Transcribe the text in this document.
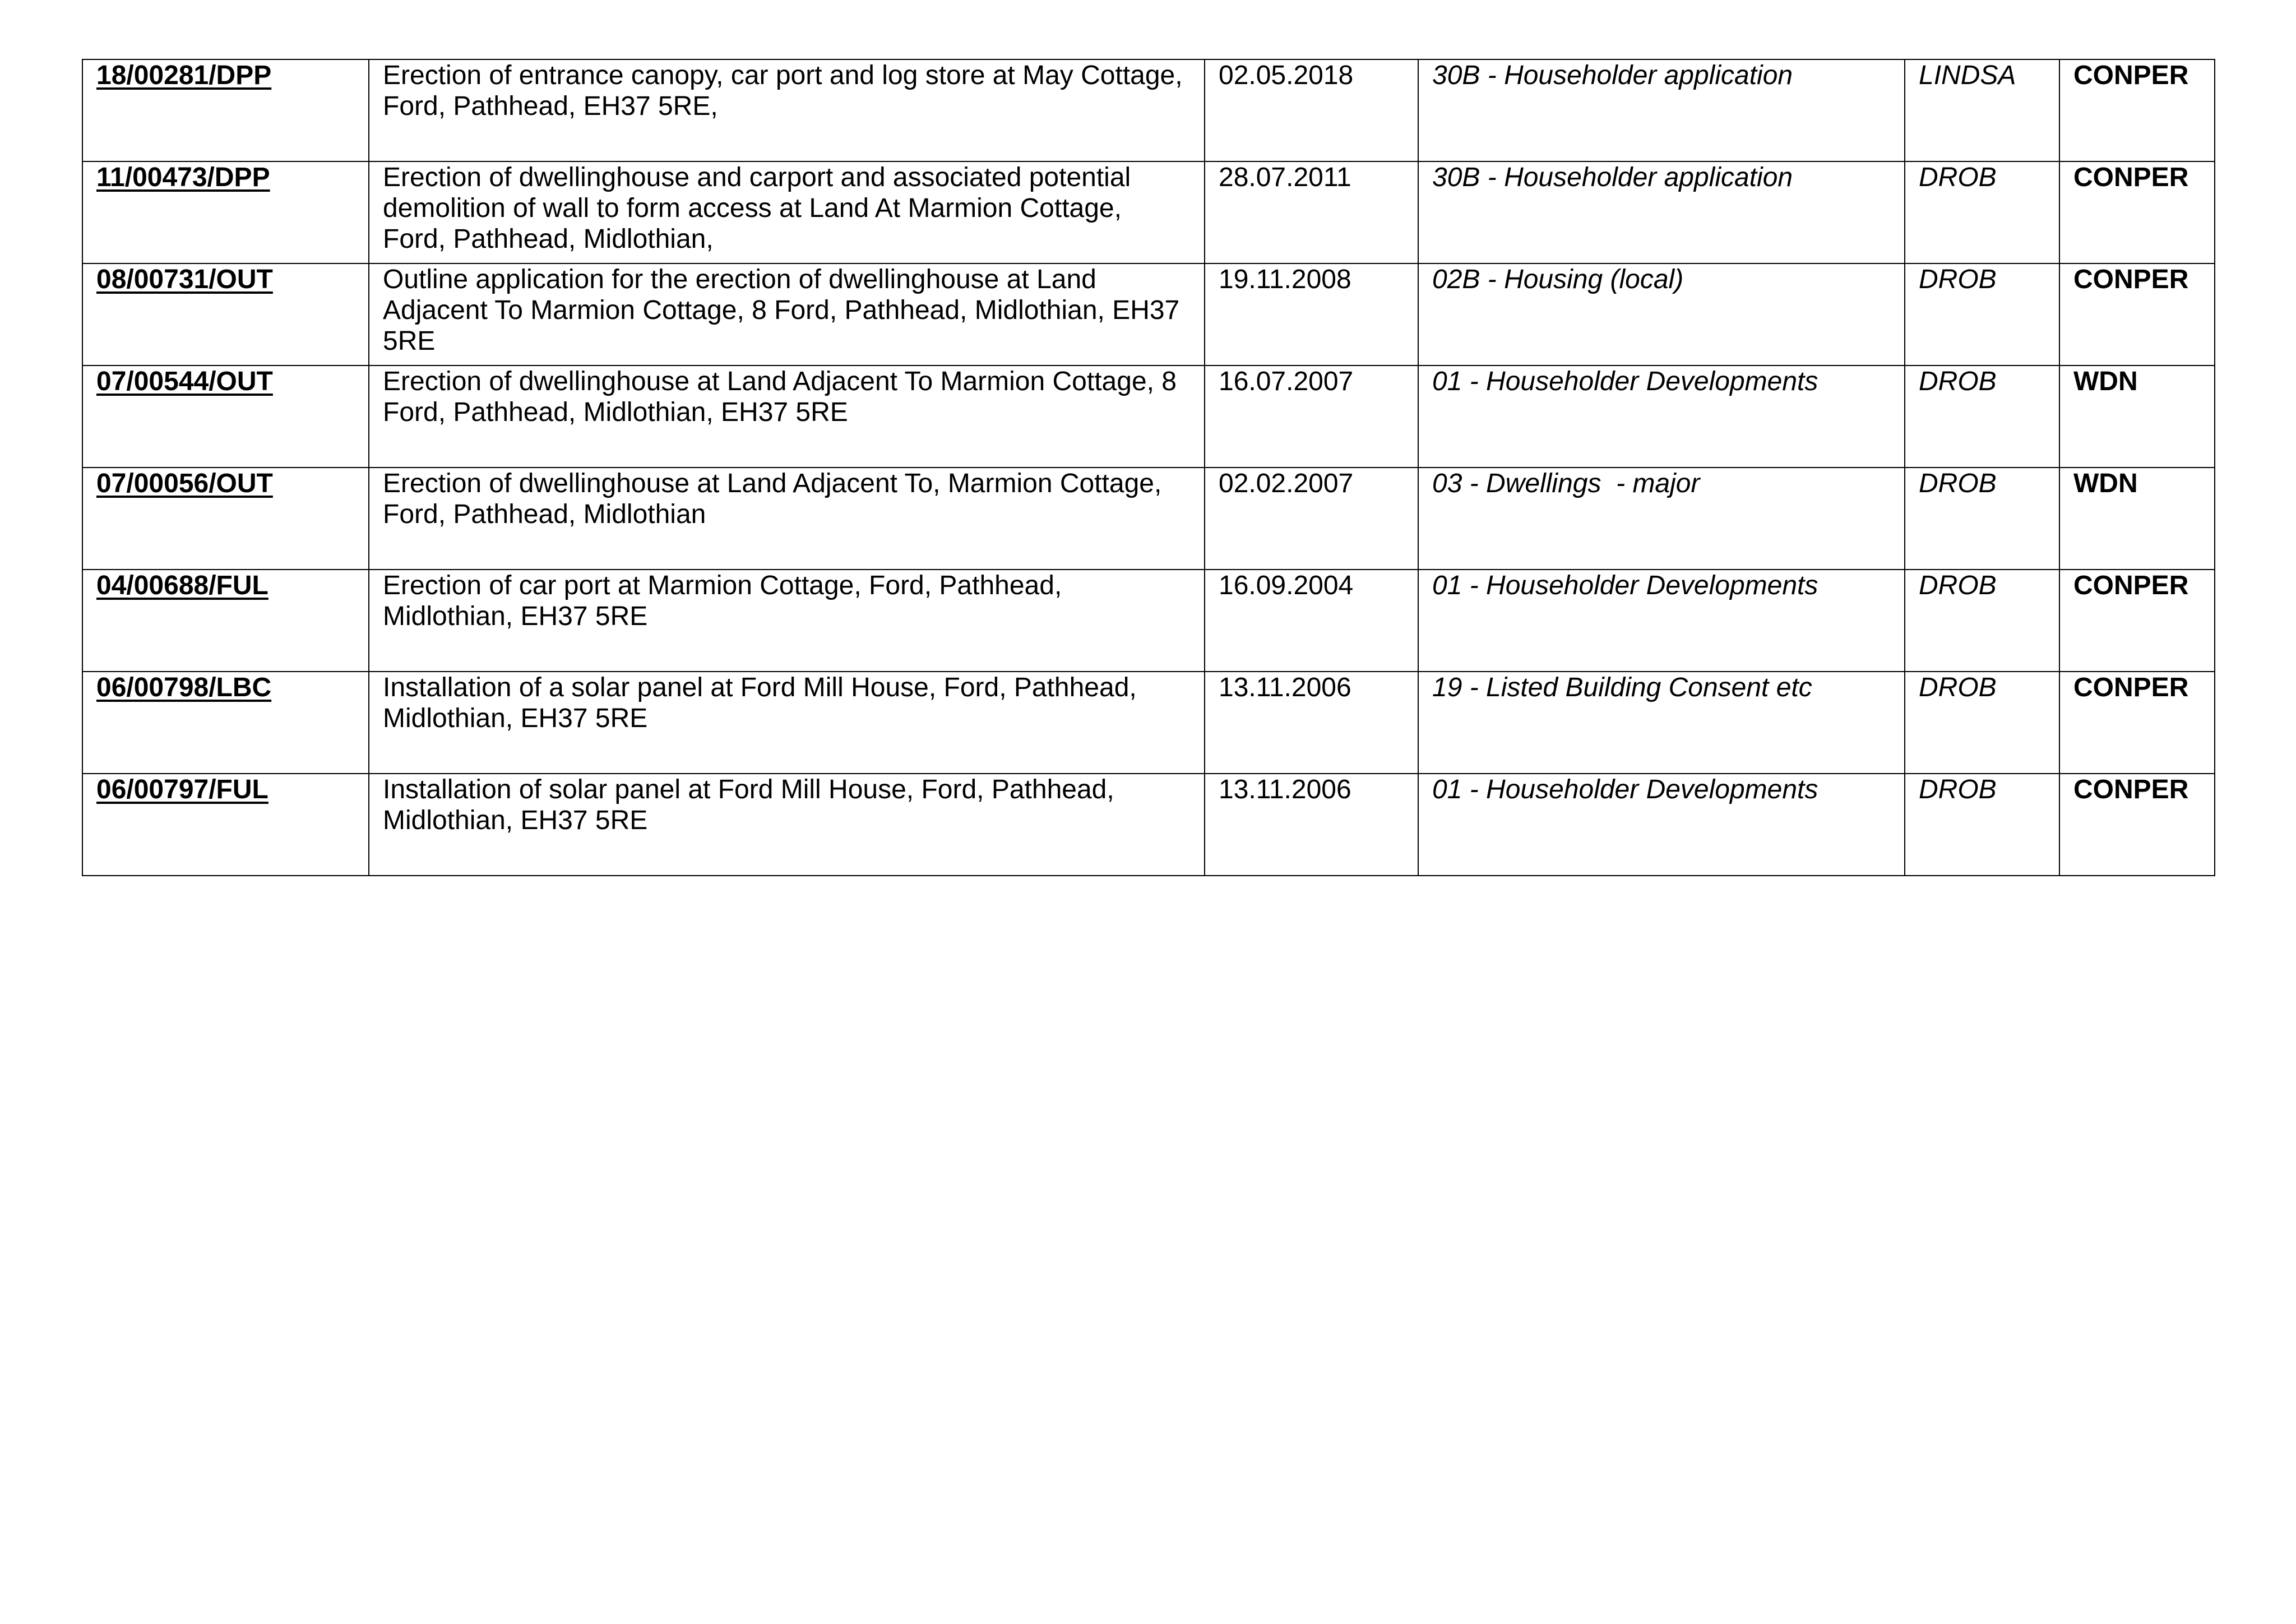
18/00281/DPP	Erection of entrance canopy, car port and log store at May Cottage, Ford, Pathhead, EH37 5RE,	02.05.2018	30B - Householder application	LINDSA	CONPER
11/00473/DPP	Erection of dwellinghouse and carport and associated potential demolition of wall to form access at Land At Marmion Cottage, Ford, Pathhead, Midlothian,	28.07.2011	30B - Householder application	DROB	CONPER
08/00731/OUT	Outline application for the erection of dwellinghouse at Land Adjacent To Marmion Cottage, 8 Ford, Pathhead, Midlothian, EH37 5RE	19.11.2008	02B - Housing (local)	DROB	CONPER
07/00544/OUT	Erection of dwellinghouse at Land Adjacent To Marmion Cottage, 8 Ford, Pathhead, Midlothian, EH37 5RE	16.07.2007	01 - Householder Developments	DROB	WDN
07/00056/OUT	Erection of dwellinghouse at Land Adjacent To, Marmion Cottage, Ford, Pathhead, Midlothian	02.02.2007	03 - Dwellings  - major	DROB	WDN
04/00688/FUL	Erection of car port at Marmion Cottage, Ford, Pathhead, Midlothian, EH37 5RE	16.09.2004	01 - Householder Developments	DROB	CONPER
06/00798/LBC	Installation of a solar panel at Ford Mill House, Ford, Pathhead, Midlothian, EH37 5RE	13.11.2006	19 - Listed Building Consent etc	DROB	CONPER
06/00797/FUL	Installation of solar panel at Ford Mill House, Ford, Pathhead, Midlothian, EH37 5RE	13.11.2006	01 - Householder Developments	DROB	CONPER
